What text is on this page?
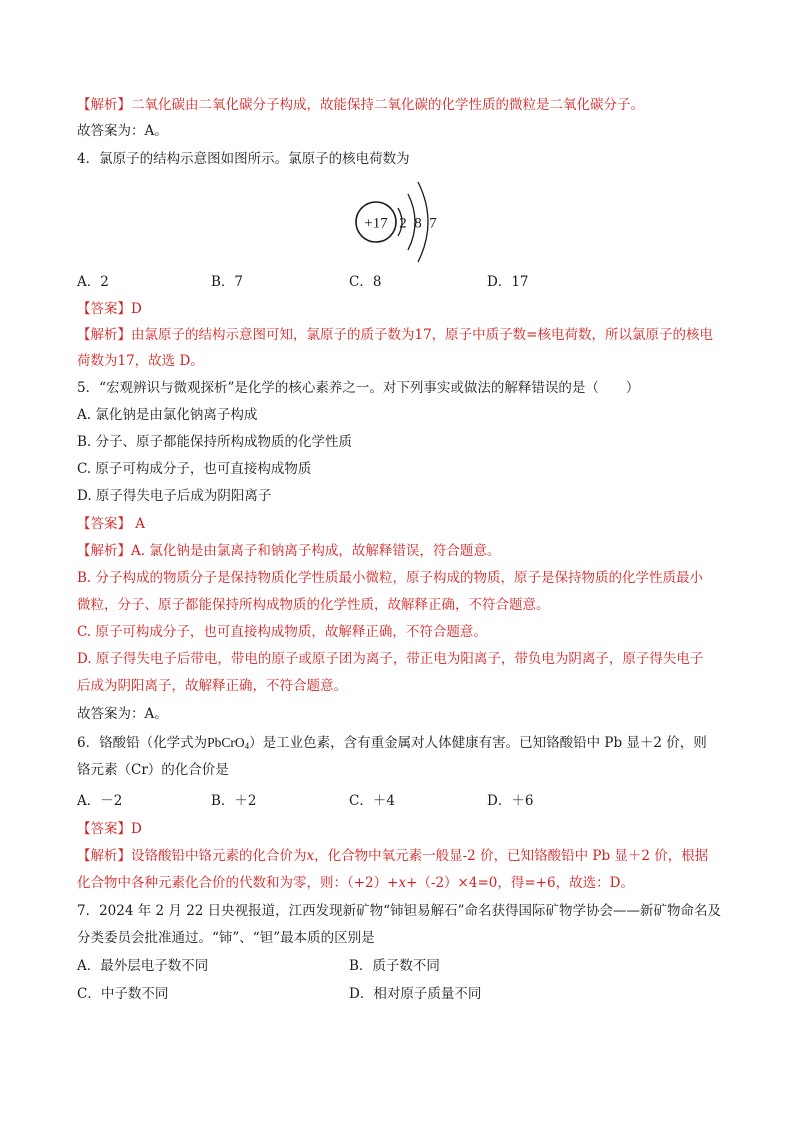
【解析】二氧化碳由二氧化碳分子构成，故能保持二氧化碳的化学性质的微粒是二氧化碳分子。
故答案为：A。
4．氯原子的结构示意图如图所示。氯原子的核电荷数为
+17 2 8 7
A．2	B．7	C．8	D．17
【答案】D
【解析】由氯原子的结构示意图可知，氯原子的质子数为17，原子中质子数=核电荷数，所以氯原子的核电
荷数为17，故选 D。
5．“宏观辨识与微观探析”是化学的核心素养之一。对下列事实或做法的解释错误的是（　　）
A. 氯化钠是由氯化钠离子构成
B. 分子、原子都能保持所构成物质的化学性质
C. 原子可构成分子，也可直接构成物质
D. 原子得失电子后成为阴阳离子
【答案】 A
【解析】A. 氯化钠是由氯离子和钠离子构成，故解释错误，符合题意。
B. 分子构成的物质分子是保持物质化学性质最小微粒，原子构成的物质，原子是保持物质的化学性质最小
微粒，分子、原子都能保持所构成物质的化学性质，故解释正确，不符合题意。
C. 原子可构成分子，也可直接构成物质，故解释正确，不符合题意。
D. 原子得失电子后带电，带电的原子或原子团为离子，带正电为阳离子，带负电为阴离子，原子得失电子
后成为阴阳离子，故解释正确，不符合题意。
故答案为：A。
6．铬酸铅（化学式为PbCrO$_4$）是工业色素，含有重金属对人体健康有害。已知铬酸铅中 Pb 显＋2 价，则
铬元素（Cr）的化合价是
A．－2	B．＋2	C．＋4	D．＋6
【答案】D
【解析】设铬酸铅中铬元素的化合价为x，化合物中氧元素一般显-2 价，已知铬酸铅中 Pb 显＋2 价，根据
化合物中各种元素化合价的代数和为零，则：（+2）+x+（-2）×4=0，得=+6，故选：D。
7．2024 年 2 月 22 日央视报道，江西发现新矿物“铈钽易解石”命名获得国际矿物学协会——新矿物命名及
分类委员会批准通过。“铈”、“钽”最本质的区别是
A．最外层电子数不同	B．质子数不同
C．中子数不同	D．相对原子质量不同
